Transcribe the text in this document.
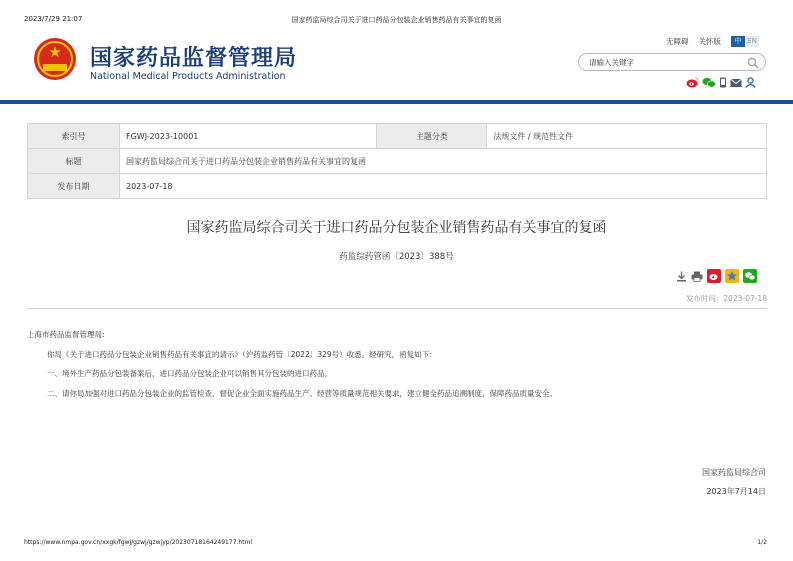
2023/7/29 21:07	国家药监局综合司关于进口药品分包装企业销售药品有关事宜的复函
★	国家药品监督管理局
National Medical Products Administration
无障碍 关怀版	中 EN
请输入关键字
索引号	FGWJ-2023-10001	主题分类	法规文件 / 规范性文件
标题	国家药监局综合司关于进口药品分包装企业销售药品有关事宜的复函		
发布日期	2023-07-18		
国家药监局综合司关于进口药品分包装企业销售药品有关事宜的复函
药监综药管函〔2023〕388号
发布时间：2023-07-18
上海市药品监督管理局:
你局《关于进口药品分包装企业销售药品有关事宜的请示》（沪药监药管〔2022〕329号）收悉。经研究，函复如下：
一、境外生产药品分包装备案后，进口药品分包装企业可以销售其分包装的进口药品。
二、请你局加强对进口药品分包装企业的监管检查，督促企业全面实施药品生产、经营等质量规范相关要求，建立健全药品追溯制度，保障药品质量安全。
国家药监局综合司
2023年7月14日
https://www.nmpa.gov.cn/xxgk/fgwj/gzwj/gzwjyp/20230718164249177.html	1/2
